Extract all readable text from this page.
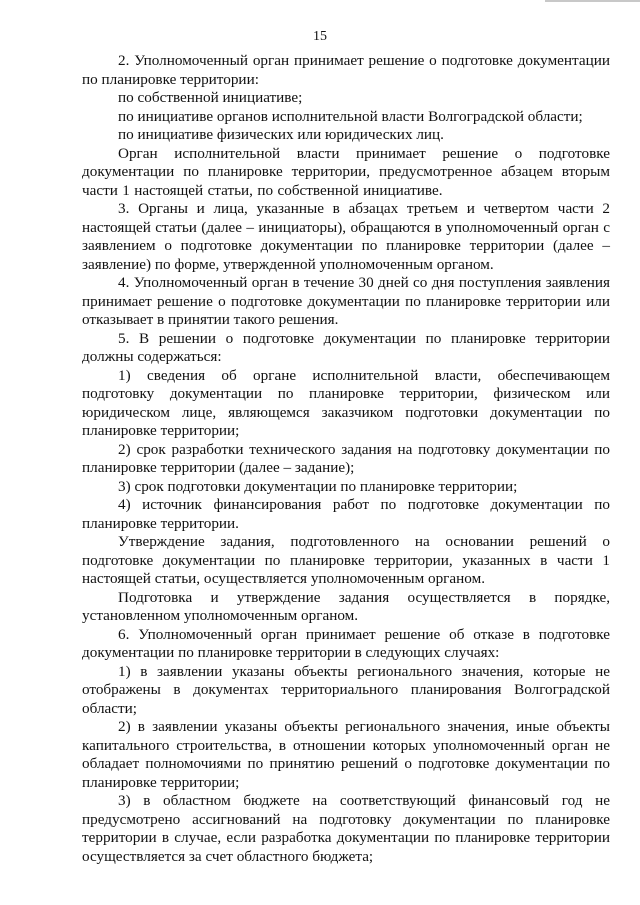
15

2. Уполномоченный орган принимает решение о подготовке документации по планировке территории:

по собственной инициативе;

по инициативе органов исполнительной власти Волгоградской области;

по инициативе физических или юридических лиц.

Орган исполнительной власти принимает решение о подготовке документации по планировке территории, предусмотренное абзацем вторым части 1 настоящей статьи, по собственной инициативе.

3. Органы и лица, указанные в абзацах третьем и четвертом части 2 настоящей статьи (далее – инициаторы), обращаются в уполномоченный орган с заявлением о подготовке документации по планировке территории (далее – заявление) по форме, утвержденной уполномоченным органом.

4. Уполномоченный орган в течение 30 дней со дня поступления заявления принимает решение о подготовке документации по планировке территории или отказывает в принятии такого решения.

5. В решении о подготовке документации по планировке территории должны содержаться:

1) сведения об органе исполнительной власти, обеспечивающем подготовку документации по планировке территории, физическом или юридическом лице, являющемся заказчиком подготовки документации по планировке территории;

2) срок разработки технического задания на подготовку документации по планировке территории (далее – задание);

3) срок подготовки документации по планировке территории;

4) источник финансирования работ по подготовке документации по планировке территории.

Утверждение задания, подготовленного на основании решений о подготовке документации по планировке территории, указанных в части 1 настоящей статьи, осуществляется уполномоченным органом.

Подготовка и утверждение задания осуществляется в порядке, установленном уполномоченным органом.

6. Уполномоченный орган принимает решение об отказе в подготовке документации по планировке территории в следующих случаях:

1) в заявлении указаны объекты регионального значения, которые не отображены в документах территориального планирования Волгоградской области;

2) в заявлении указаны объекты регионального значения, иные объекты капитального строительства, в отношении которых уполномоченный орган не обладает полномочиями по принятию решений о подготовке документации по планировке территории;

3) в областном бюджете на соответствующий финансовый год не предусмотрено ассигнований на подготовку документации по планировке территории в случае, если разработка документации по планировке территории осуществляется за счет областного бюджета;
